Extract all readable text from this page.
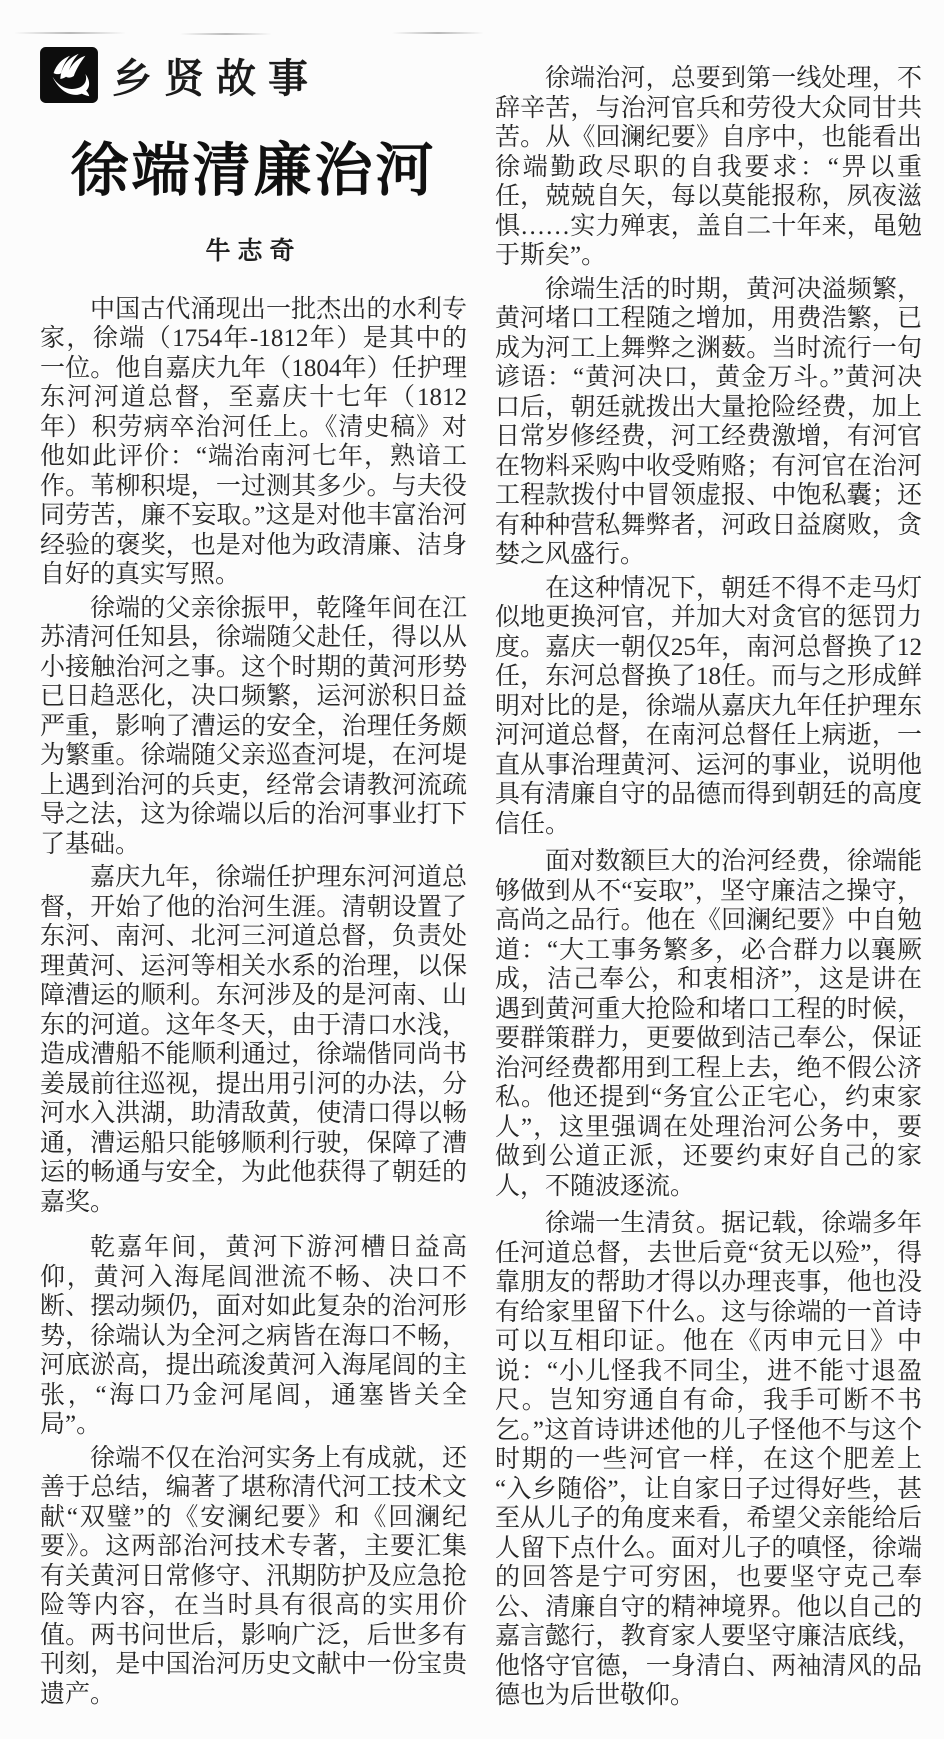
乡贤故事
徐端清廉治河
牛志奇

中国古代涌现出一批杰出的水利专家，徐端（1754年-1812年）是其中的一位。他自嘉庆九年（1804年）任护理东河河道总督，至嘉庆十七年（1812年）积劳病卒治河任上。《清史稿》对他如此评价：“端治南河七年，熟谙工作。苇柳积堤，一过测其多少。与夫役同劳苦，廉不妄取。”这是对他丰富治河经验的褒奖，也是对他为政清廉、洁身自好的真实写照。

徐端的父亲徐振甲，乾隆年间在江苏清河任知县，徐端随父赴任，得以从小接触治河之事。这个时期的黄河形势已日趋恶化，决口频繁，运河淤积日益严重，影响了漕运的安全，治理任务颇为繁重。徐端随父亲巡查河堤，在河堤上遇到治河的兵吏，经常会请教河流疏导之法，这为徐端以后的治河事业打下了基础。

嘉庆九年，徐端任护理东河河道总督，开始了他的治河生涯。清朝设置了东河、南河、北河三河道总督，负责处理黄河、运河等相关水系的治理，以保障漕运的顺利。东河涉及的是河南、山东的河道。这年冬天，由于清口水浅，造成漕船不能顺利通过，徐端偕同尚书姜晟前往巡视，提出用引河的办法，分河水入洪湖，助清敌黄，使清口得以畅通，漕运船只能够顺利行驶，保障了漕运的畅通与安全，为此他获得了朝廷的嘉奖。

乾嘉年间，黄河下游河槽日益高仰，黄河入海尾闾泄流不畅、决口不断、摆动频仍，面对如此复杂的治河形势，徐端认为全河之病皆在海口不畅，河底淤高，提出疏浚黄河入海尾闾的主张，“海口乃金河尾闾，通塞皆关全局”。

徐端不仅在治河实务上有成就，还善于总结，编著了堪称清代河工技术文献“双璧”的《安澜纪要》和《回澜纪要》。这两部治河技术专著，主要汇集有关黄河日常修守、汛期防护及应急抢险等内容，在当时具有很高的实用价值。两书问世后，影响广泛，后世多有刊刻，是中国治河历史文献中一份宝贵遗产。

徐端治河，总要到第一线处理，不辞辛苦，与治河官兵和劳役大众同甘共苦。从《回澜纪要》自序中，也能看出徐端勤政尽职的自我要求：“畀以重任，兢兢自矢，每以莫能报称，夙夜滋惧……实力殚衷，盖自二十年来，黾勉于斯矣”。

徐端生活的时期，黄河决溢频繁，黄河堵口工程随之增加，用费浩繁，已成为河工上舞弊之渊薮。当时流行一句谚语：“黄河决口，黄金万斗。”黄河决口后，朝廷就拨出大量抢险经费，加上日常岁修经费，河工经费激增，有河官在物料采购中收受贿赂；有河官在治河工程款拨付中冒领虚报、中饱私囊；还有种种营私舞弊者，河政日益腐败，贪婪之风盛行。

在这种情况下，朝廷不得不走马灯似地更换河官，并加大对贪官的惩罚力度。嘉庆一朝仅25年，南河总督换了12任，东河总督换了18任。而与之形成鲜明对比的是，徐端从嘉庆九年任护理东河河道总督，在南河总督任上病逝，一直从事治理黄河、运河的事业，说明他具有清廉自守的品德而得到朝廷的高度信任。

面对数额巨大的治河经费，徐端能够做到从不“妄取”，坚守廉洁之操守，高尚之品行。他在《回澜纪要》中自勉道：“大工事务繁多，必合群力以襄厥成，洁己奉公，和衷相济”，这是讲在遇到黄河重大抢险和堵口工程的时候，要群策群力，更要做到洁己奉公，保证治河经费都用到工程上去，绝不假公济私。他还提到“务宜公正宅心，约束家人”，这里强调在处理治河公务中，要做到公道正派，还要约束好自己的家人，不随波逐流。

徐端一生清贫。据记载，徐端多年任河道总督，去世后竟“贫无以殓”，得靠朋友的帮助才得以办理丧事，他也没有给家里留下什么。这与徐端的一首诗可以互相印证。他在《丙申元日》中说：“小儿怪我不同尘，进不能寸退盈尺。岂知穷通自有命，我手可断不书乞。”这首诗讲述他的儿子怪他不与这个时期的一些河官一样，在这个肥差上“入乡随俗”，让自家日子过得好些，甚至从儿子的角度来看，希望父亲能给后人留下点什么。面对儿子的嗔怪，徐端的回答是宁可穷困，也要坚守克己奉公、清廉自守的精神境界。他以自己的嘉言懿行，教育家人要坚守廉洁底线，他恪守官德，一身清白、两袖清风的品德也为后世敬仰。
